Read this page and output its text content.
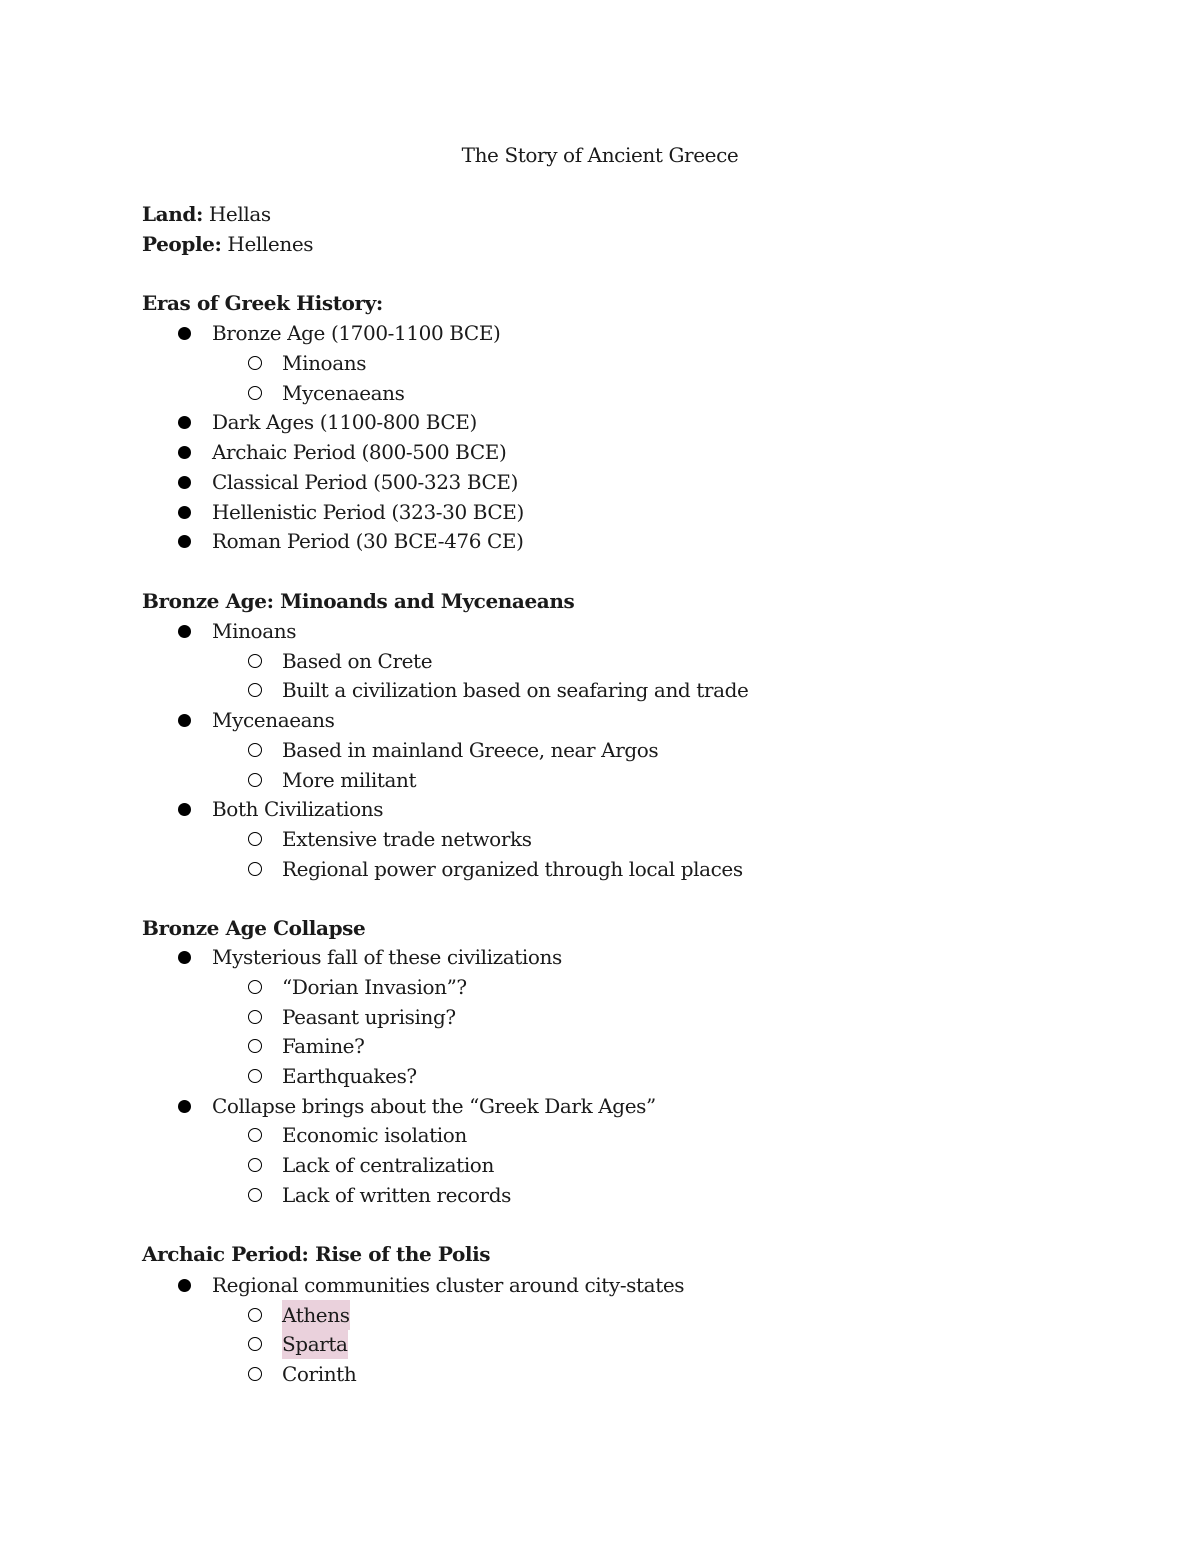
The Story of Ancient Greece
Land: Hellas
People: Hellenes
Eras of Greek History:
Bronze Age (1700-1100 BCE)
Minoans
Mycenaeans
Dark Ages (1100-800 BCE)
Archaic Period (800-500 BCE)
Classical Period (500-323 BCE)
Hellenistic Period (323-30 BCE)
Roman Period (30 BCE-476 CE)
Bronze Age: Minoands and Mycenaeans
Minoans
Based on Crete
Built a civilization based on seafaring and trade
Mycenaeans
Based in mainland Greece, near Argos
More militant
Both Civilizations
Extensive trade networks
Regional power organized through local places
Bronze Age Collapse
Mysterious fall of these civilizations
“Dorian Invasion”?
Peasant uprising?
Famine?
Earthquakes?
Collapse brings about the “Greek Dark Ages”
Economic isolation
Lack of centralization
Lack of written records
Archaic Period: Rise of the Polis
Regional communities cluster around city-states
Athens
Sparta
Corinth
